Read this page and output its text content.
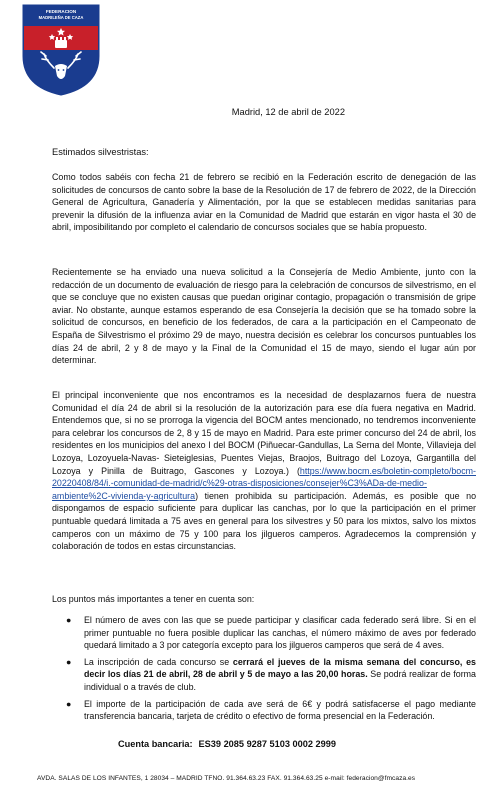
FEDERACION
MADRILEÑA DE CAZA
Madrid, 12 de abril de 2022
Estimados silvestristas:

Como todos sabéis con fecha 21 de febrero se recibió en la Federación escrito de denegación de las solicitudes de concursos de canto sobre la base de la Resolución de 17 de febrero de 2022, de la Dirección General de Agricultura, Ganadería y Alimentación, por la que se establecen medidas sanitarias para prevenir la difusión de la influenza aviar en la Comunidad de Madrid que estarán en vigor hasta el 30 de abril, imposibilitando por completo el calendario de concursos sociales que se había propuesto.

Recientemente se ha enviado una nueva solicitud a la Consejería de Medio Ambiente, junto con la redacción de un documento de evaluación de riesgo para la celebración de concursos de silvestrismo, en el que se concluye que no existen causas que puedan originar contagio, propagación o transmisión de gripe aviar. No obstante, aunque estamos esperando de esa Consejería la decisión que se ha tomado sobre la solicitud de concursos, en beneficio de los federados, de cara a la participación en el Campeonato de España de Silvestrismo el próximo 29 de mayo, nuestra decisión es celebrar los concursos puntuables los días 24 de abril, 2 y 8 de mayo y la Final de la Comunidad el 15 de mayo, siendo el lugar aún por determinar.

El principal inconveniente que nos encontramos es la necesidad de desplazarnos fuera de nuestra Comunidad el día 24 de abril si la resolución de la autorización para ese día fuera negativa en Madrid. Entendemos que, si no se prorroga la vigencia del BOCM antes mencionado, no tendremos inconveniente para celebrar los concursos de 2, 8 y 15 de mayo en Madrid. Para este primer concurso del 24 de abril, los residentes en los municipios del anexo I del BOCM (Piñuecar-Gandullas, La Serna del Monte, Villavieja del Lozoya, Lozoyuela-Navas- Sieteiglesias, Puentes Viejas, Braojos, Buitrago del Lozoya, Gargantilla del Lozoya y Pinilla de Buitrago, Gascones y Lozoya.) (https://www.bocm.es/boletin-completo/bocm-20220408/84/i.-comunidad-de-madrid/c%29-otras-disposiciones/consejer%C3%ADa-de-medio-ambiente%2C-vivienda-y-agricultura) tienen prohibida su participación. Además, es posible que no dispongamos de espacio suficiente para duplicar las canchas, por lo que la participación en el primer puntuable quedará limitada a 75 aves en general para los silvestres y 50 para los mixtos, salvo los mixtos camperos con un máximo de 75 y 100 para los jilgueros camperos. Agradecemos la comprensión y colaboración de todos en estas circunstancias.

Los puntos más importantes a tener en cuenta son:

● El número de aves con las que se puede participar y clasificar cada federado será libre. Si en el primer puntuable no fuera posible duplicar las canchas, el número máximo de aves por federado quedará limitado a 3 por categoría excepto para los jilgueros camperos que será de 4 aves.
● La inscripción de cada concurso se cerrará el jueves de la misma semana del concurso, es decir los días 21 de abril, 28 de abril y 5 de mayo a las 20,00 horas. Se podrá realizar de forma individual o a través de club.
● El importe de la participación de cada ave será de 6€ y podrá satisfacerse el pago mediante transferencia bancaria, tarjeta de crédito o efectivo de forma presencial en la Federación.
Cuenta bancaria: ES39 2085 9287 5103 0002 2999
AVDA. SALAS DE LOS INFANTES, 1 28034 – MADRID TFNO. 91.364.63.23 FAX. 91.364.63.25 e-mail: federacion@fmcaza.es
